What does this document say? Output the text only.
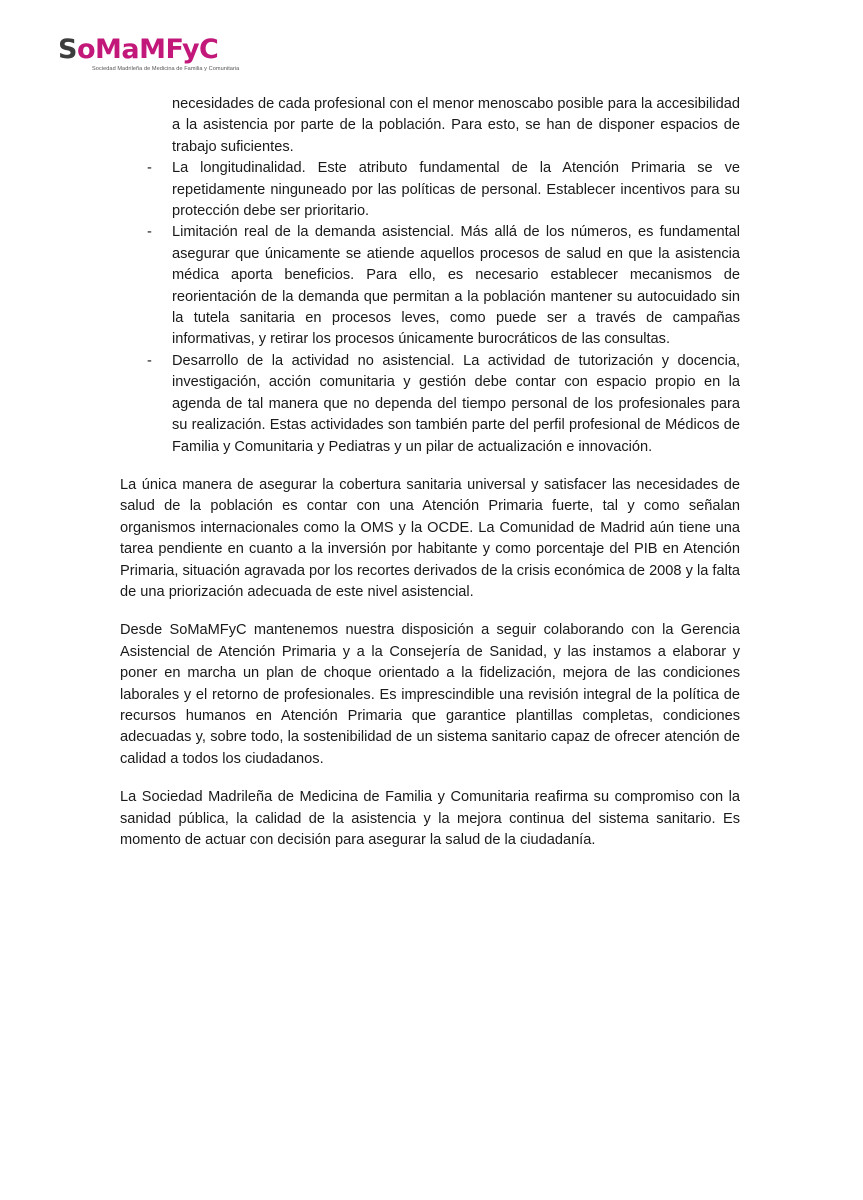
SoMaMFyC
Sociedad Madrileña de Medicina de Familia y Comunitaria

necesidades de cada profesional con el menor menoscabo posible para la accesibilidad a la asistencia por parte de la población. Para esto, se han de disponer espacios de trabajo suficientes.

- La longitudinalidad. Este atributo fundamental de la Atención Primaria se ve repetidamente ninguneado por las políticas de personal. Establecer incentivos para su protección debe ser prioritario.

- Limitación real de la demanda asistencial. Más allá de los números, es fundamental asegurar que únicamente se atiende aquellos procesos de salud en que la asistencia médica aporta beneficios. Para ello, es necesario establecer mecanismos de reorientación de la demanda que permitan a la población mantener su autocuidado sin la tutela sanitaria en procesos leves, como puede ser a través de campañas informativas, y retirar los procesos únicamente burocráticos de las consultas.

- Desarrollo de la actividad no asistencial. La actividad de tutorización y docencia, investigación, acción comunitaria y gestión debe contar con espacio propio en la agenda de tal manera que no dependa del tiempo personal de los profesionales para su realización. Estas actividades son también parte del perfil profesional de Médicos de Familia y Comunitaria y Pediatras y un pilar de actualización e innovación.

La única manera de asegurar la cobertura sanitaria universal y satisfacer las necesidades de salud de la población es contar con una Atención Primaria fuerte, tal y como señalan organismos internacionales como la OMS y la OCDE. La Comunidad de Madrid aún tiene una tarea pendiente en cuanto a la inversión por habitante y como porcentaje del PIB en Atención Primaria, situación agravada por los recortes derivados de la crisis económica de 2008 y la falta de una priorización adecuada de este nivel asistencial.

Desde SoMaMFyC mantenemos nuestra disposición a seguir colaborando con la Gerencia Asistencial de Atención Primaria y a la Consejería de Sanidad, y las instamos a elaborar y poner en marcha un plan de choque orientado a la fidelización, mejora de las condiciones laborales y el retorno de profesionales. Es imprescindible una revisión integral de la política de recursos humanos en Atención Primaria que garantice plantillas completas, condiciones adecuadas y, sobre todo, la sostenibilidad de un sistema sanitario capaz de ofrecer atención de calidad a todos los ciudadanos.

La Sociedad Madrileña de Medicina de Familia y Comunitaria reafirma su compromiso con la sanidad pública, la calidad de la asistencia y la mejora continua del sistema sanitario. Es momento de actuar con decisión para asegurar la salud de la ciudadanía.
